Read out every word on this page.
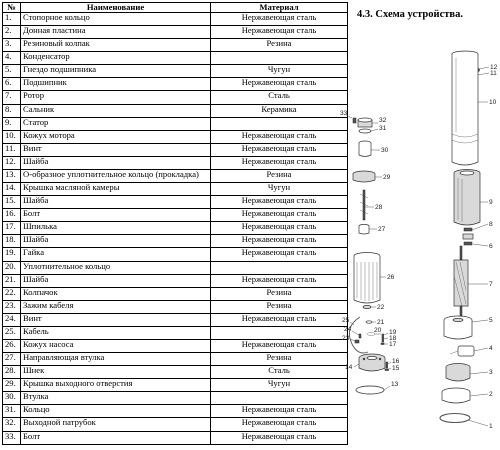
№	Наименование	Материал
1.	Стопорное кольцо	Нержавеющая сталь
2.	Донная пластина	Нержавеющая сталь
3.	Резиновый колпак	Резина
4.	Конденсатор	
5.	Гнездо подшипника	Чугун
6.	Подшипник	Нержавеющая сталь
7.	Ротор	Сталь
8.	Сальник	Керамика
9.	Статор	
10.	Кожух мотора	Нержавеющая сталь
11.	Винт	Нержавеющая сталь
12.	Шайба	Нержавеющая сталь
13.	О-образное уплотнительное кольцо (прокладка)	Резина
14.	Крышка масляной камеры	Чугун
15.	Шайба	Нержавеющая сталь
16.	Болт	Нержавеющая сталь
17.	Шпилька	Нержавеющая сталь
18.	Шайба	Нержавеющая сталь
19.	Гайка	Нержавеющая сталь
20.	Уплотнительное кольцо	
21.	Шайба	Нержавеющая сталь
22.	Колпачок	Резина
23.	Зажим кабеля	Резина
24.	Винт	Нержавеющая сталь
25.	Кабель	
26.	Кожух насоса	Нержавеющая сталь
27.	Направляющая втулка	Резина
28.	Шнек	Сталь
29.	Крышка выходного отверстия	Чугун
30.	Втулка	
31.	Кольцо	Нержавеющая сталь
32.	Выходной патрубок	Нержавеющая сталь
33.	Болт	Нержавеющая сталь
4.3. Схема устройства.
12
11
10
9
8
6
7
5
4
3
2
1
33
32
31
30
29
28
27
26
22
21
20 19
18
17
16
15
14
13
23
24
25
